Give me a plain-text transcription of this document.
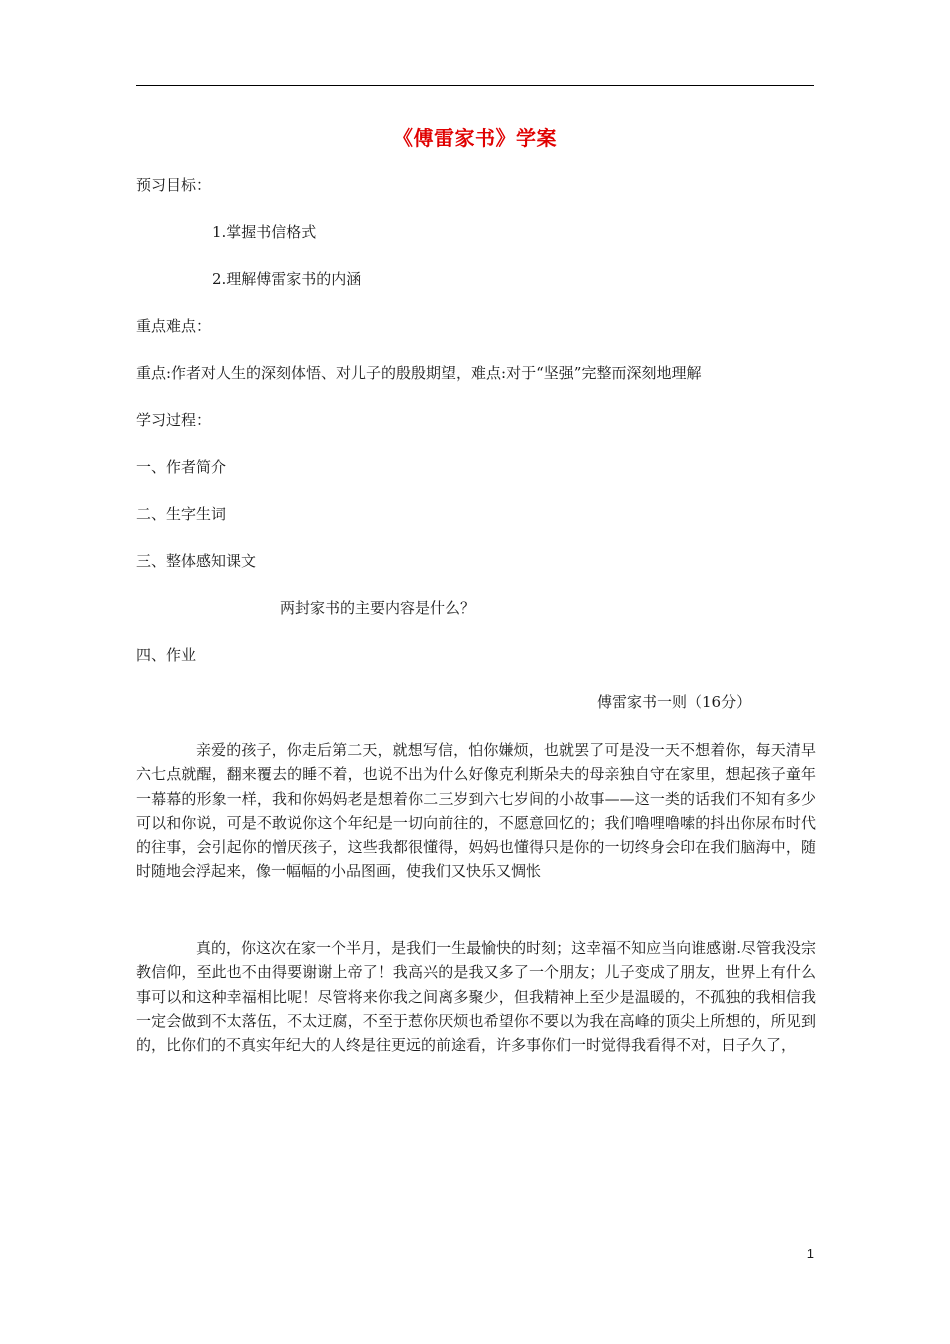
《傅雷家书》学案
预习目标：
1.掌握书信格式
2.理解傅雷家书的内涵
重点难点：
重点:作者对人生的深刻体悟、对儿子的殷殷期望，难点:对于“坚强”完整而深刻地理解
学习过程：
一、作者简介
二、生字生词
三、整体感知课文
两封家书的主要内容是什么？
四、作业
傅雷家书一则（16分）
亲爱的孩子，你走后第二天，就想写信，怕你嫌烦，也就罢了可是没一天不想着你，每天清早六七点就醒，翻来覆去的睡不着，也说不出为什么好像克利斯朵夫的母亲独自守在家里，想起孩子童年一幕幕的形象一样，我和你妈妈老是想着你二三岁到六七岁间的小故事——这一类的话我们不知有多少可以和你说，可是不敢说你这个年纪是一切向前往的，不愿意回忆的；我们噜哩噜嗦的抖出你尿布时代的往事，会引起你的憎厌孩子，这些我都很懂得，妈妈也懂得只是你的一切终身会印在我们脑海中，随时随地会浮起来，像一幅幅的小品图画，使我们又快乐又惆怅
真的，你这次在家一个半月，是我们一生最愉快的时刻；这幸福不知应当向谁感谢.尽管我没宗教信仰，至此也不由得要谢谢上帝了！我高兴的是我又多了一个朋友；儿子变成了朋友，世界上有什么事可以和这种幸福相比呢！尽管将来你我之间离多聚少，但我精神上至少是温暖的，不孤独的我相信我一定会做到不太落伍，不太迂腐，不至于惹你厌烦也希望你不要以为我在高峰的顶尖上所想的，所见到的，比你们的不真实年纪大的人终是往更远的前途看，许多事你们一时觉得我看得不对，日子久了，
1
